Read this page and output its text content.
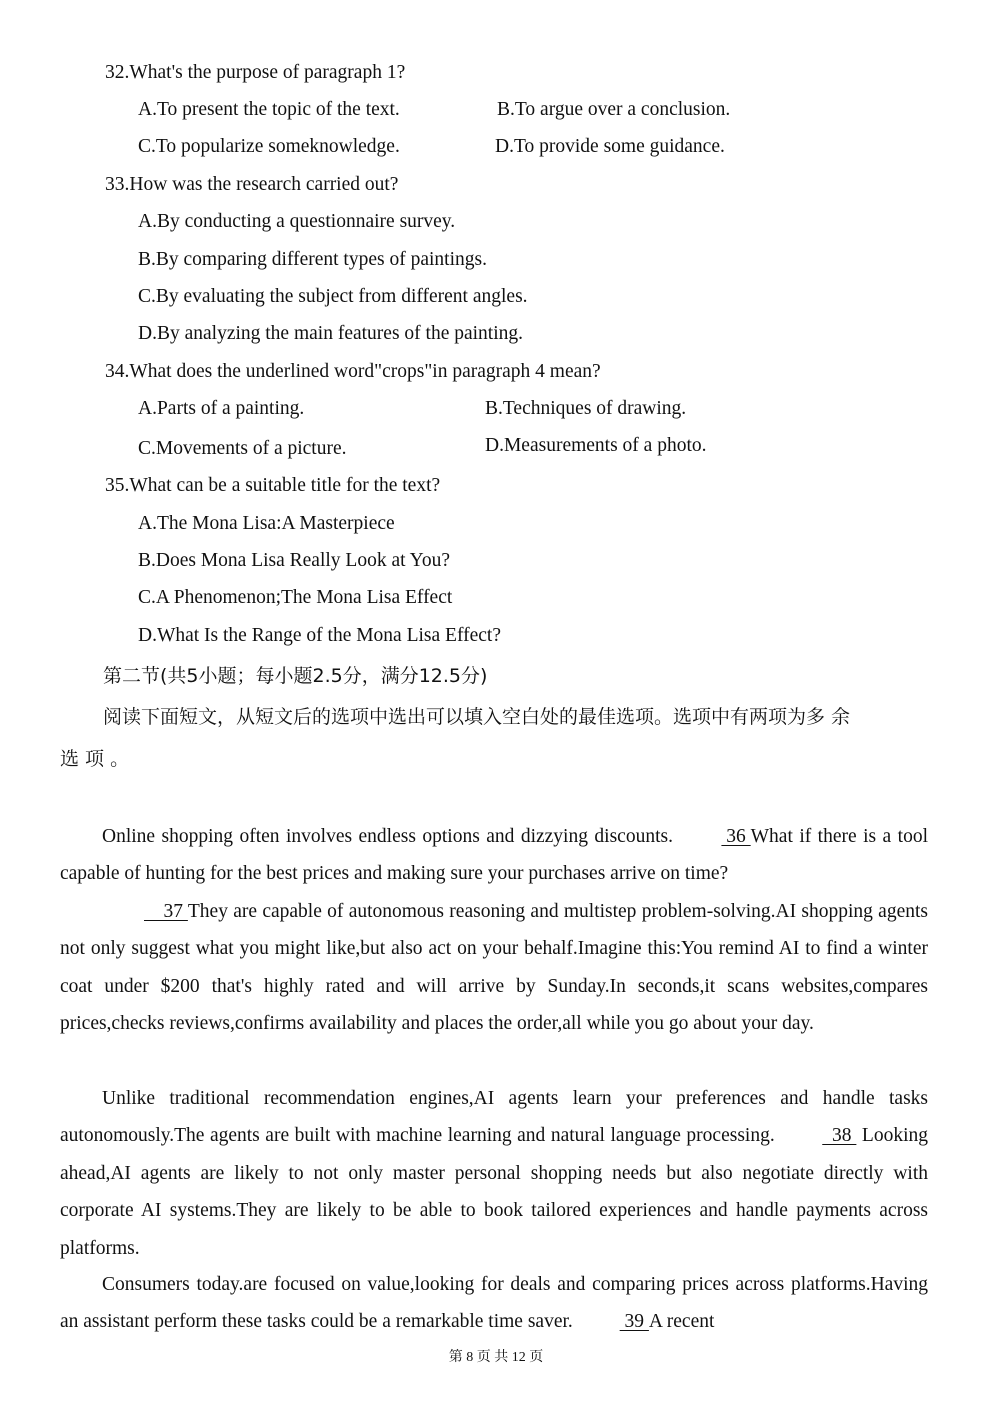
32.What's the purpose of paragraph 1?
A.To present the topic of the text.	B.To argue over a conclusion.
C.To popularize someknowledge.	D.To provide some guidance.
33.How was the research carried out?
A.By conducting a questionnaire survey.
B.By comparing different types of paintings.
C.By evaluating the subject from different angles.
D.By analyzing the main features of the painting.
34.What does the underlined word"crops"in paragraph 4 mean?
A.Parts of a painting.	B.Techniques of drawing.
C.Movements of a picture.	D.Measurements of a photo.
35.What can be a suitable title for the text?
A.The Mona Lisa:A Masterpiece
B.Does Mona Lisa Really Look at You?
C.A Phenomenon;The Mona Lisa Effect
D.What Is the Range of the Mona Lisa Effect?
第二节(共5小题；每小题2.5分，满分12.5分)
阅读下面短文，从短文后的选项中选出可以填入空白处的最佳选项。选项中有两项为多 余
选 项 。
Online shopping often involves endless options and dizzying discounts.  36 What if there is a tool capable of hunting for the best prices and making sure your purchases arrive on time?
37 They are capable of autonomous reasoning and multistep problem-solving.AI shopping agents not only suggest what you might like,but also act on your behalf.Imagine this:You remind AI to find a winter coat under $200 that's highly rated and will arrive by Sunday.In seconds,it scans websites,compares prices,checks reviews,confirms availability and places the order,all while you go about your day.
Unlike traditional recommendation engines,AI agents learn your preferences and handle tasks autonomously.The agents are built with machine learning and natural language processing.   38  Looking ahead,AI agents are likely to not only master personal shopping needs but also negotiate directly with corporate AI systems.They are likely to be able to book tailored experiences and handle payments across platforms.
Consumers today.are focused on value,looking for deals and comparing prices across platforms.Having an assistant perform these tasks could be a remarkable time saver.  39 A recent
第 8 页 共 12 页
